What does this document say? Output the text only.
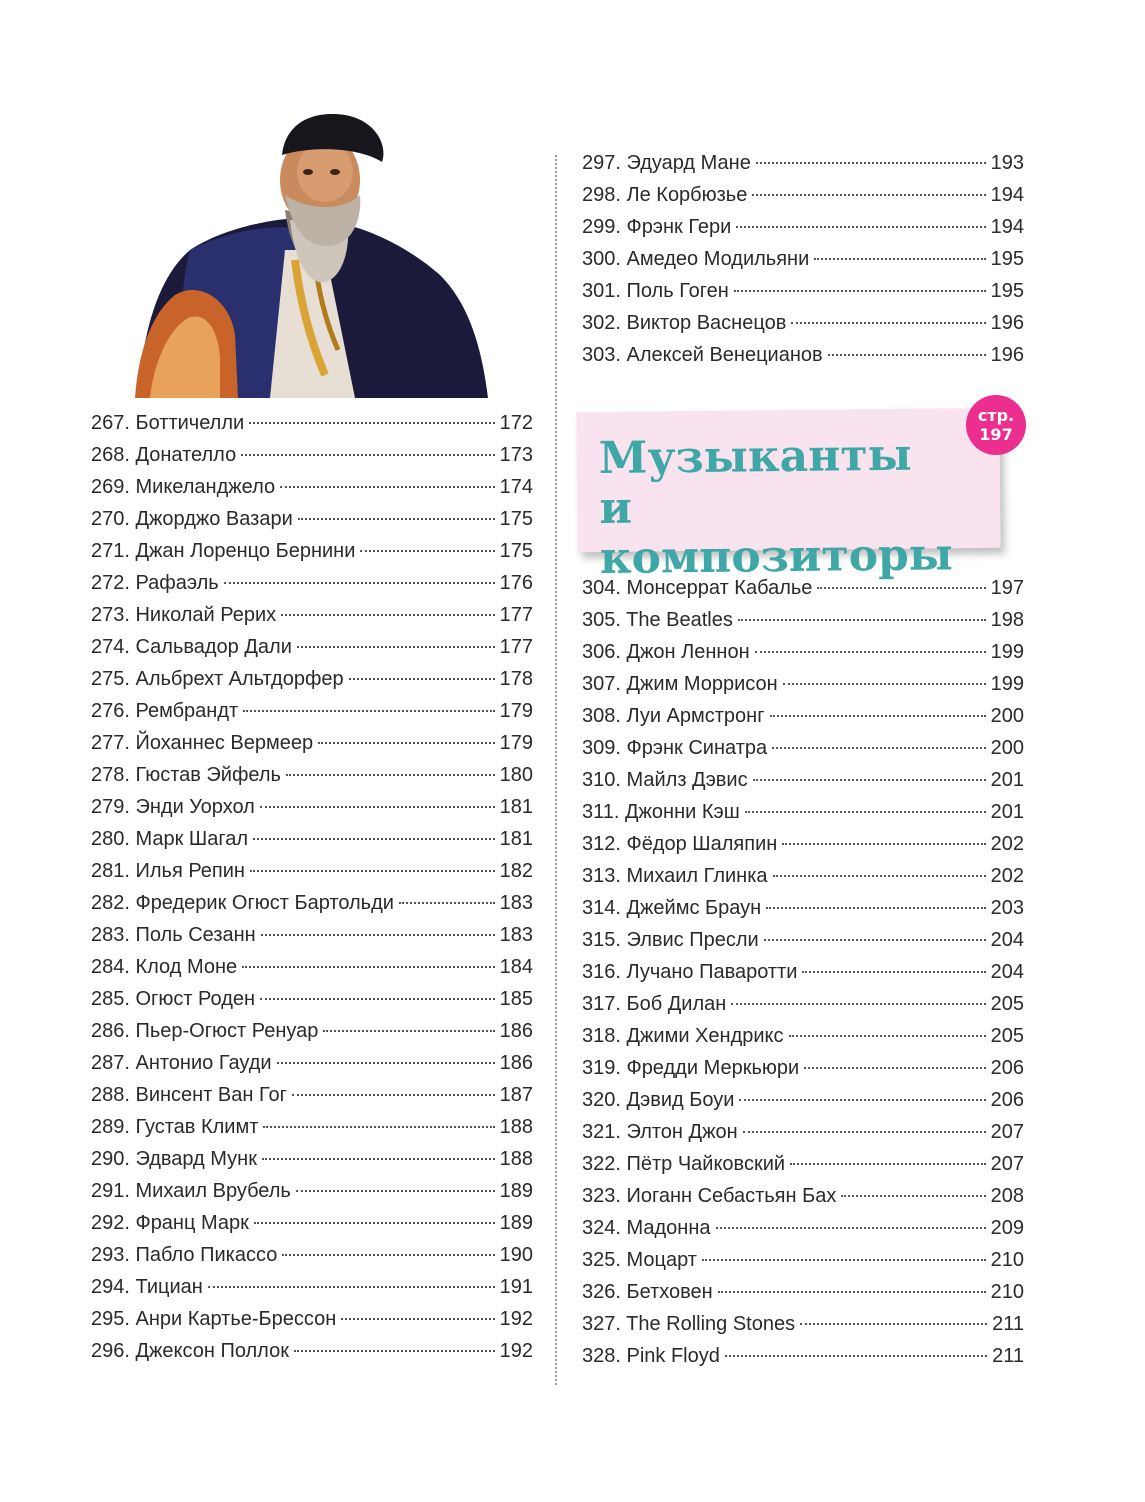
267. Боттичелли	172
268. Донателло	173
269. Микеланджело	174
270. Джорджо Вазари	175
271. Джан Лоренцо Бернини	175
272. Рафаэль	176
273. Николай Рерих	177
274. Сальвадор Дали	177
275. Альбрехт Альтдорфер	178
276. Рембрандт	179
277. Йоханнес Вермеер	179
278. Гюстав Эйфель	180
279. Энди Уорхол	181
280. Марк Шагал	181
281. Илья Репин	182
282. Фредерик Огюст Бартольди	183
283. Поль Сезанн	183
284. Клод Моне	184
285. Огюст Роден	185
286. Пьер-Огюст Ренуар	186
287. Антонио Гауди	186
288. Винсент Ван Гог	187
289. Густав Климт	188
290. Эдвард Мунк	188
291. Михаил Врубель	189
292. Франц Марк	189
293. Пабло Пикассо	190
294. Тициан	191
295. Анри Картье-Брессон	192
296. Джексон Поллок	192
297. Эдуард Мане	193
298. Ле Корбюзье	194
299. Фрэнк Гери	194
300. Амедео Модильяни	195
301. Поль Гоген	195
302. Виктор Васнецов	196
303. Алексей Венецианов	196
Музыканты
и композиторы
стр.
197
304. Монсеррат Кабалье	197
305. The Beatles	198
306. Джон Леннон	199
307. Джим Моррисон	199
308. Луи Армстронг	200
309. Фрэнк Синатра	200
310. Майлз Дэвис	201
311. Джонни Кэш	201
312. Фёдор Шаляпин	202
313. Михаил Глинка	202
314. Джеймс Браун	203
315. Элвис Пресли	204
316. Лучано Паваротти	204
317. Боб Дилан	205
318. Джими Хендрикс	205
319. Фредди Меркьюри	206
320. Дэвид Боуи	206
321. Элтон Джон	207
322. Пётр Чайковский	207
323. Иоганн Себастьян Бах	208
324. Мадонна	209
325. Моцарт	210
326. Бетховен	210
327. The Rolling Stones	211
328. Pink Floyd	211
